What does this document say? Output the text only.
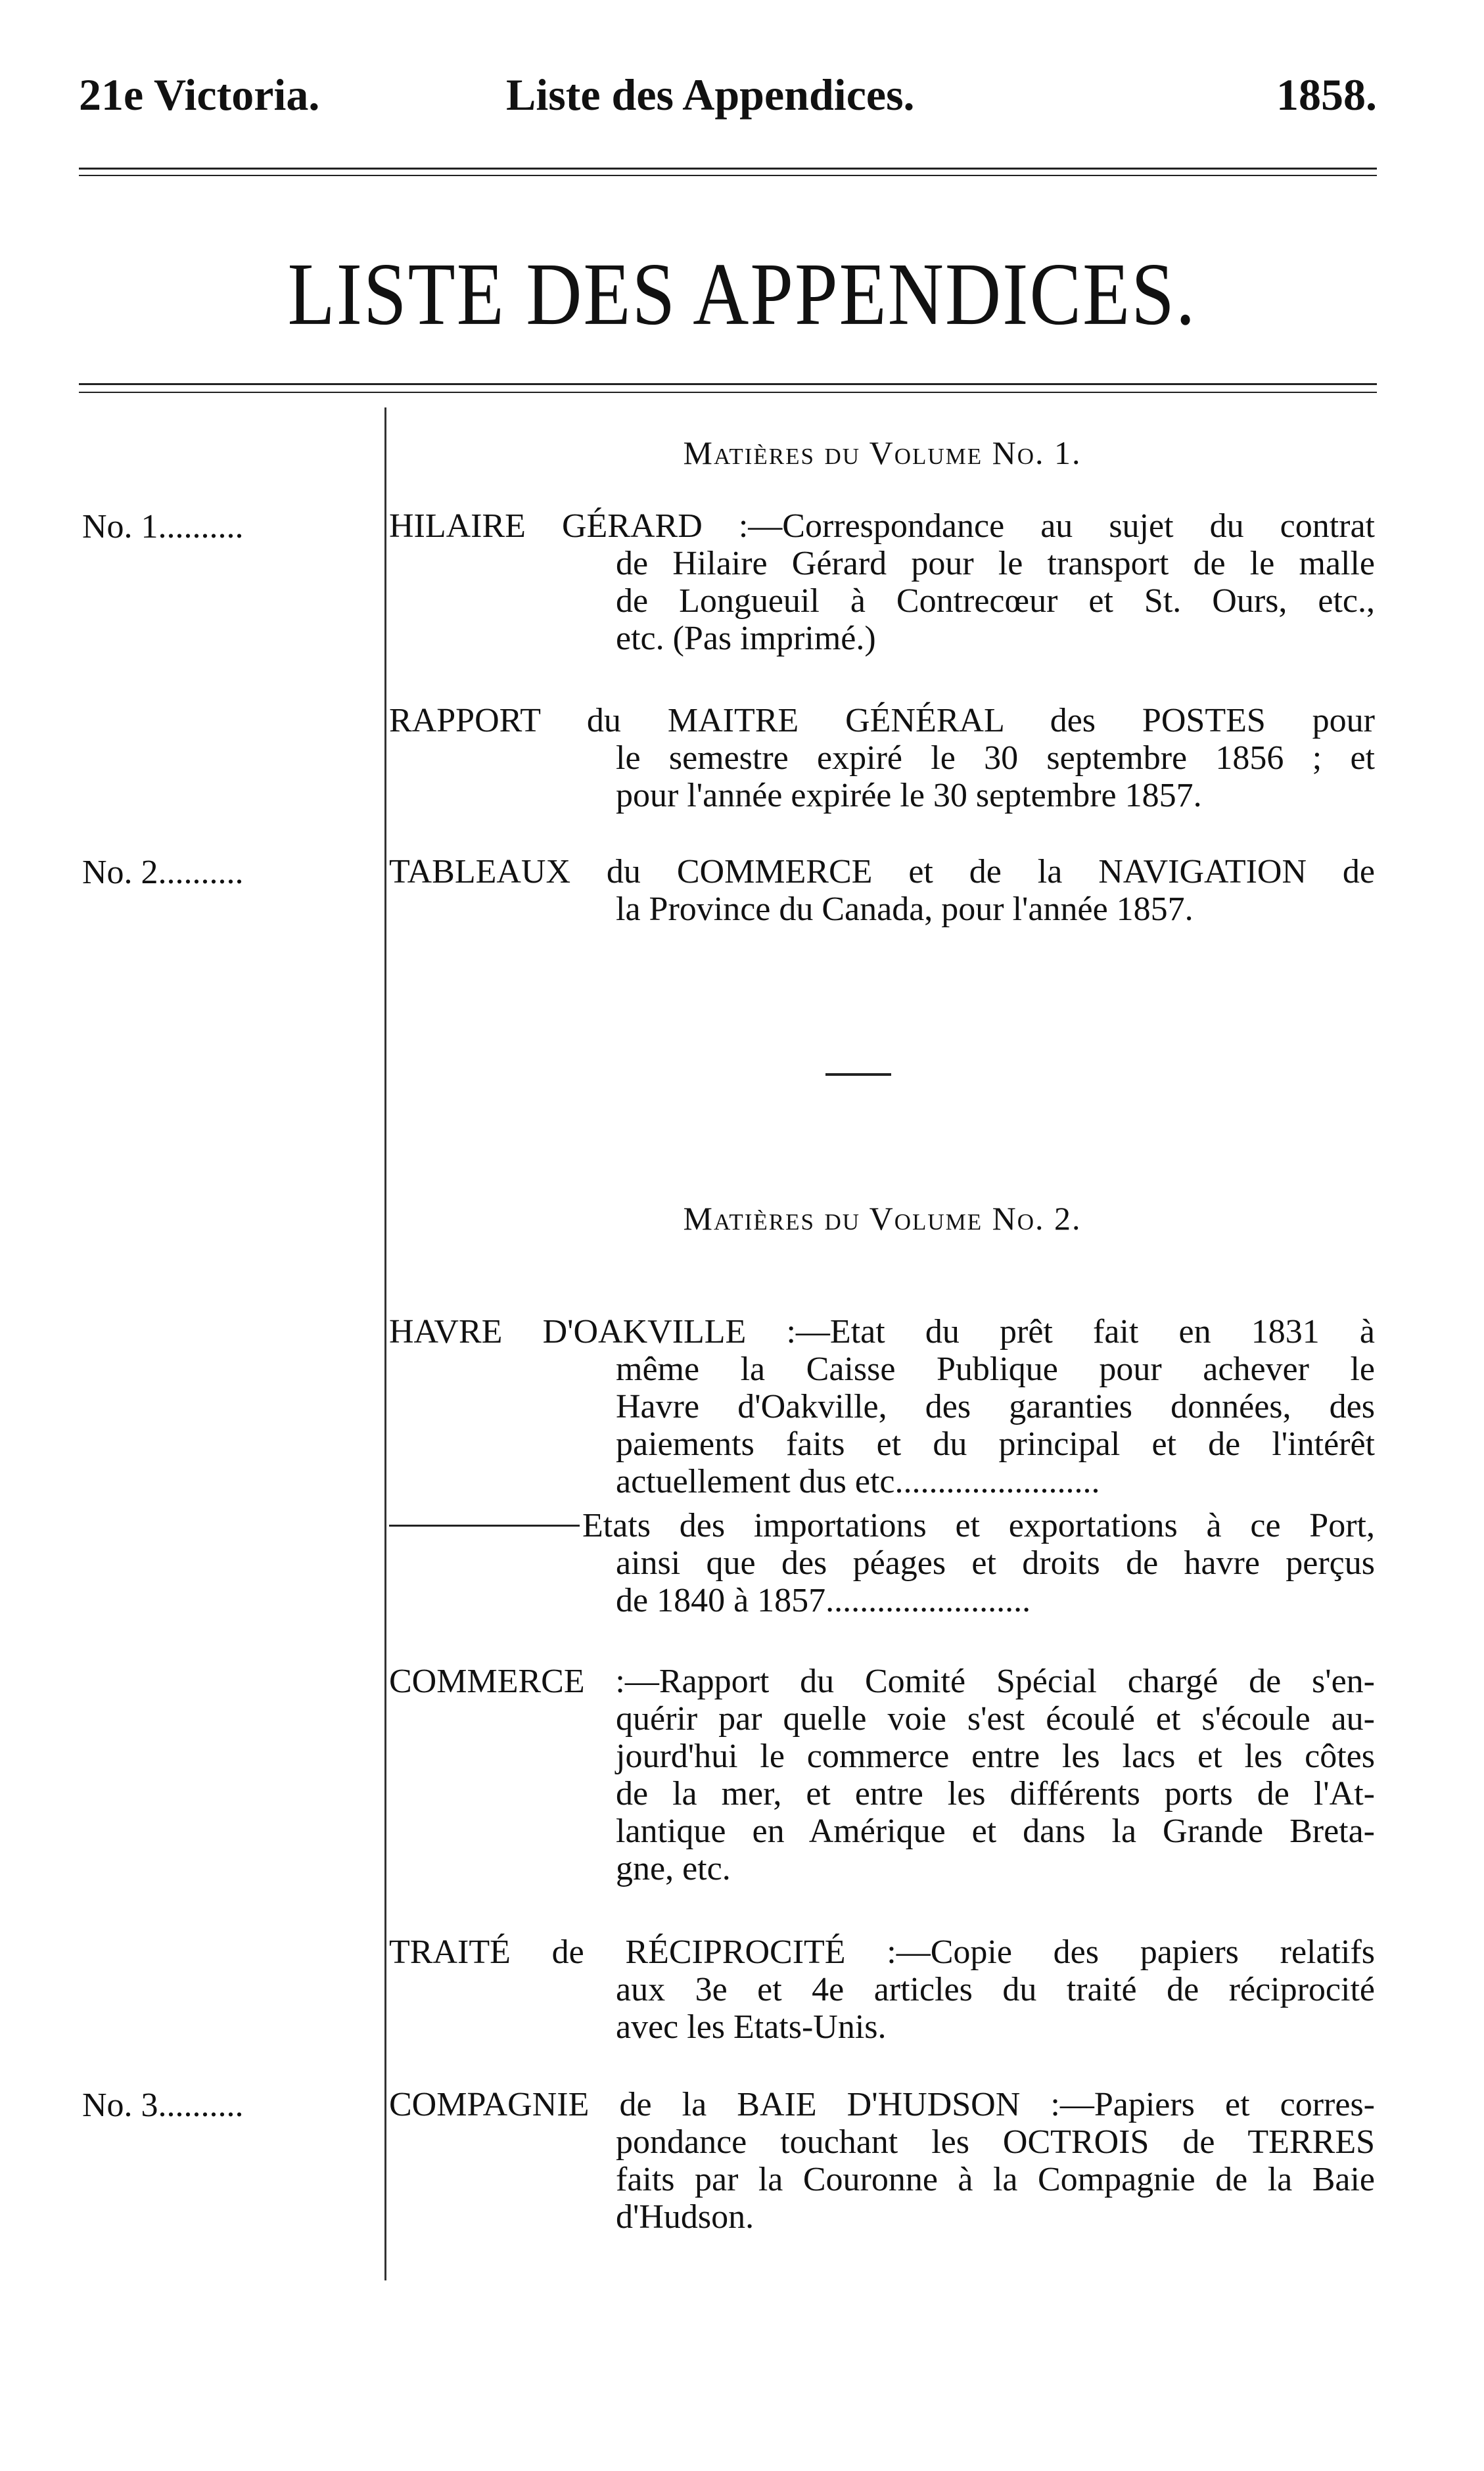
21e Victoria.	Liste des Appendices.	1858.
LISTE DES APPENDICES.
Matières du Volume No. 1.
No. 1..........	HILAIRE GÉRARD :—Correspondance au sujet du contrat
de Hilaire Gérard pour le transport de le malle
de Longueuil à Contrecœur et St. Ours, etc.,
etc. (Pas imprimé.)
RAPPORT du MAITRE GÉNÉRAL des POSTES pour
le semestre expiré le 30 septembre 1856 ; et
pour l'année expirée le 30 septembre 1857.
No. 2..........	TABLEAUX du COMMERCE et de la NAVIGATION de
la Province du Canada, pour l'année 1857.
Matières du Volume No. 2.
HAVRE D'OAKVILLE :—Etat du prêt fait en 1831 à
même la Caisse Publique pour achever le
Havre d'Oakville, des garanties données, des
paiements faits et du principal et de l'intérêt
actuellement dus etc........................
Etats des importations et exportations à ce Port,
ainsi que des péages et droits de havre perçus
de 1840 à 1857........................
COMMERCE :—Rapport du Comité Spécial chargé de s'en-
quérir par quelle voie s'est écoulé et s'écoule au-
jourd'hui le commerce entre les lacs et les côtes
de la mer, et entre les différents ports de l'At-
lantique en Amérique et dans la Grande Breta-
gne, etc.
TRAITÉ de RÉCIPROCITÉ :—Copie des papiers relatifs
aux 3e et 4e articles du traité de réciprocité
avec les Etats-Unis.
No. 3..........	COMPAGNIE de la BAIE D'HUDSON :—Papiers et corres-
pondance touchant les OCTROIS de TERRES
faits par la Couronne à la Compagnie de la Baie
d'Hudson.
